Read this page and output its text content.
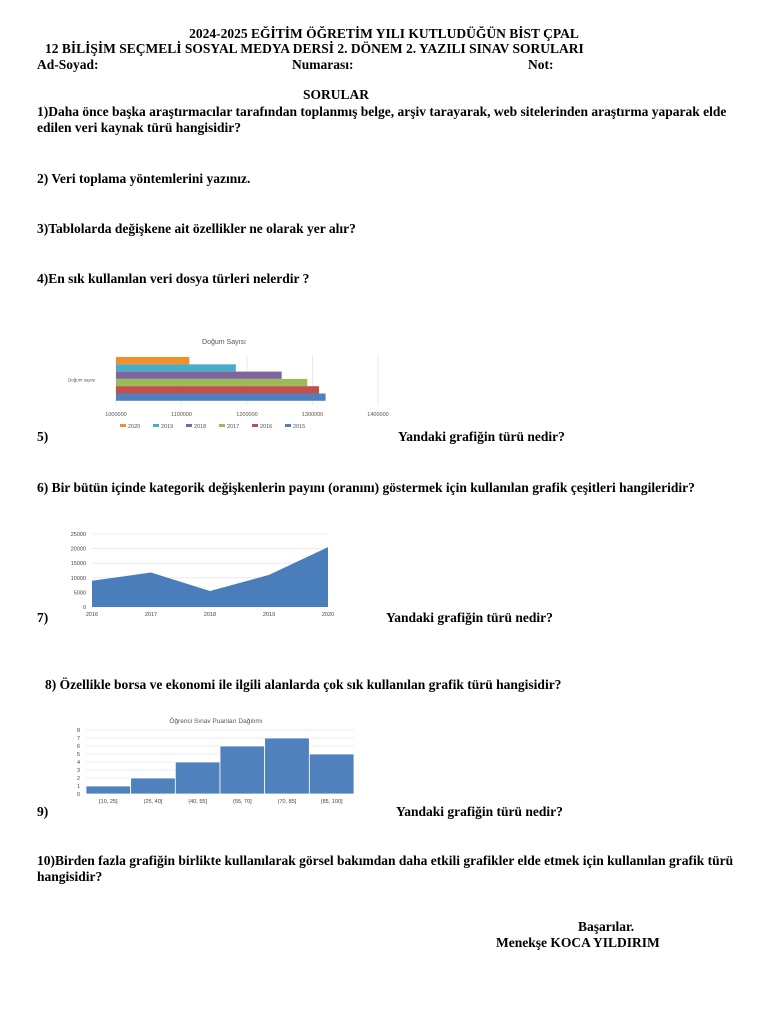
2024-2025 EĞİTİM ÖĞRETİM YILI KUTLUDÜĞÜN BİST ÇPAL
12 BİLİŞİM SEÇMELİ SOSYAL MEDYA DERSİ 2. DÖNEM 2. YAZILI SINAV SORULARI
Ad-Soyad:	Numarası:	Not:
SORULAR
1)Daha önce başka araştırmacılar tarafından toplanmış belge, arşiv tarayarak, web sitelerinden araştırma yaparak elde edilen veri kaynak türü hangisidir?
2) Veri toplama yöntemlerini yazınız.
3)Tablolarda değişkene ait özellikler ne olarak yer alır?
4)En sık kullanılan veri dosya türleri nelerdir ?
Doğum Sayısı
1000000	1100000	1200000	1300000	1400000
Doğum sayısı
2020	2019	2018	2017	2016	2015
5)	Yandaki grafiğin türü nedir?
6) Bir bütün içinde kategorik değişkenlerin payını (oranını) göstermek için kullanılan grafik çeşitleri hangileridir?
0
5000
10000
15000
20000
25000
2016	2017	2018	2019	2020
7)	Yandaki grafiğin türü nedir?
8) Özellikle borsa ve ekonomi ile ilgili alanlarda çok sık kullanılan grafik türü hangisidir?
Öğrenci Sınav Puanları Dağılımı
0
1
2
3
4
5
6
7
8
[10, 25]	(25, 40]	(40, 55]	(55, 70]	(70, 85]	(85, 100]
9)	Yandaki grafiğin türü nedir?
10)Birden fazla grafiğin birlikte kullanılarak görsel bakımdan daha etkili grafikler elde etmek için kullanılan grafik türü hangisidir?
Başarılar.
Menekşe KOCA YILDIRIM
